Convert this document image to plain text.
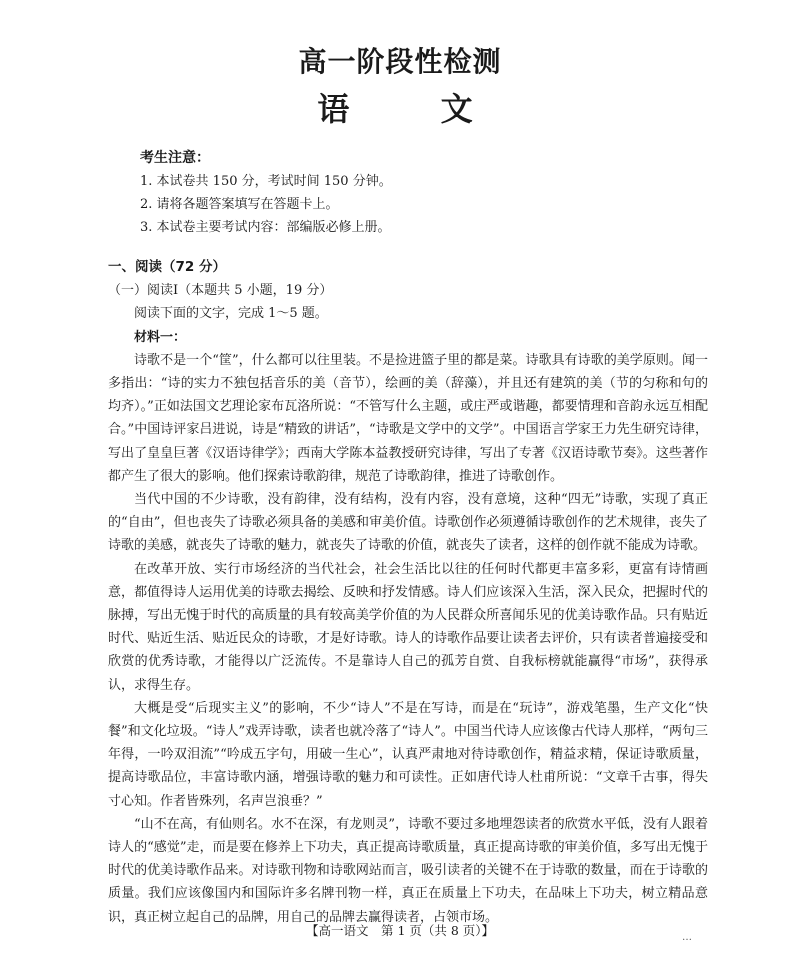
高一阶段性检测
语 文
考生注意：
1. 本试卷共 150 分，考试时间 150 分钟。
2. 请将各题答案填写在答题卡上。
3. 本试卷主要考试内容：部编版必修上册。
一、阅读（72 分）
（一）阅读Ⅰ（本题共 5 小题，19 分）
阅读下面的文字，完成 1～5 题。
材料一：

诗歌不是一个“筐”，什么都可以往里装。不是捡进篮子里的都是菜。诗歌具有诗歌的美学原则。闻一多指出：“诗的实力不独包括音乐的美（音节），绘画的美（辞藻），并且还有建筑的美（节的匀称和句的均齐）。”正如法国文艺理论家布瓦洛所说：“不管写什么主题，或庄严或谐趣，都要情理和音韵永远互相配合。”中国诗评家吕进说，诗是“精致的讲话”，“诗歌是文学中的文学”。中国语言学家王力先生研究诗律，写出了皇皇巨著《汉语诗律学》；西南大学陈本益教授研究诗律，写出了专著《汉语诗歌节奏》。这些著作都产生了很大的影响。他们探索诗歌韵律，规范了诗歌韵律，推进了诗歌创作。

当代中国的不少诗歌，没有韵律，没有结构，没有内容，没有意境，这种“四无”诗歌，实现了真正的“自由”，但也丧失了诗歌必须具备的美感和审美价值。诗歌创作必须遵循诗歌创作的艺术规律，丧失了诗歌的美感，就丧失了诗歌的魅力，就丧失了诗歌的价值，就丧失了读者，这样的创作就不能成为诗歌。

在改革开放、实行市场经济的当代社会，社会生活比以往的任何时代都更丰富多彩，更富有诗情画意，都值得诗人运用优美的诗歌去揭绘、反映和抒发情感。诗人们应该深入生活，深入民众，把握时代的脉搏，写出无愧于时代的高质量的具有较高美学价值的为人民群众所喜闻乐见的优美诗歌作品。只有贴近时代、贴近生活、贴近民众的诗歌，才是好诗歌。诗人的诗歌作品要让读者去评价，只有读者普遍接受和欣赏的优秀诗歌，才能得以广泛流传。不是靠诗人自己的孤芳自赏、自我标榜就能赢得“市场”，获得承认，求得生存。

大概是受“后现实主义”的影响，不少“诗人”不是在写诗，而是在“玩诗”，游戏笔墨，生产文化“快餐”和文化垃圾。“诗人”戏弄诗歌，读者也就冷落了“诗人”。中国当代诗人应该像古代诗人那样，“两句三年得，一吟双泪流”“吟成五字句，用破一生心”，认真严肃地对待诗歌创作，精益求精，保证诗歌质量，提高诗歌品位，丰富诗歌内涵，增强诗歌的魅力和可读性。正如唐代诗人杜甫所说：“文章千古事，得失寸心知。作者皆殊列，名声岂浪垂？”

“山不在高，有仙则名。水不在深，有龙则灵”，诗歌不要过多地埋怨读者的欣赏水平低，没有人跟着诗人的“感觉”走，而是要在修养上下功夫，真正提高诗歌质量，真正提高诗歌的审美价值，多写出无愧于时代的优美诗歌作品来。对诗歌刊物和诗歌网站而言，吸引读者的关键不在于诗歌的数量，而在于诗歌的质量。我们应该像国内和国际许多名牌刊物一样，真正在质量上下功夫，在品味上下功夫，树立精品意识，真正树立起自己的品牌，用自己的品牌去赢得读者，占领市场。

【高一语文　第 1 页（共 8 页）】	…
